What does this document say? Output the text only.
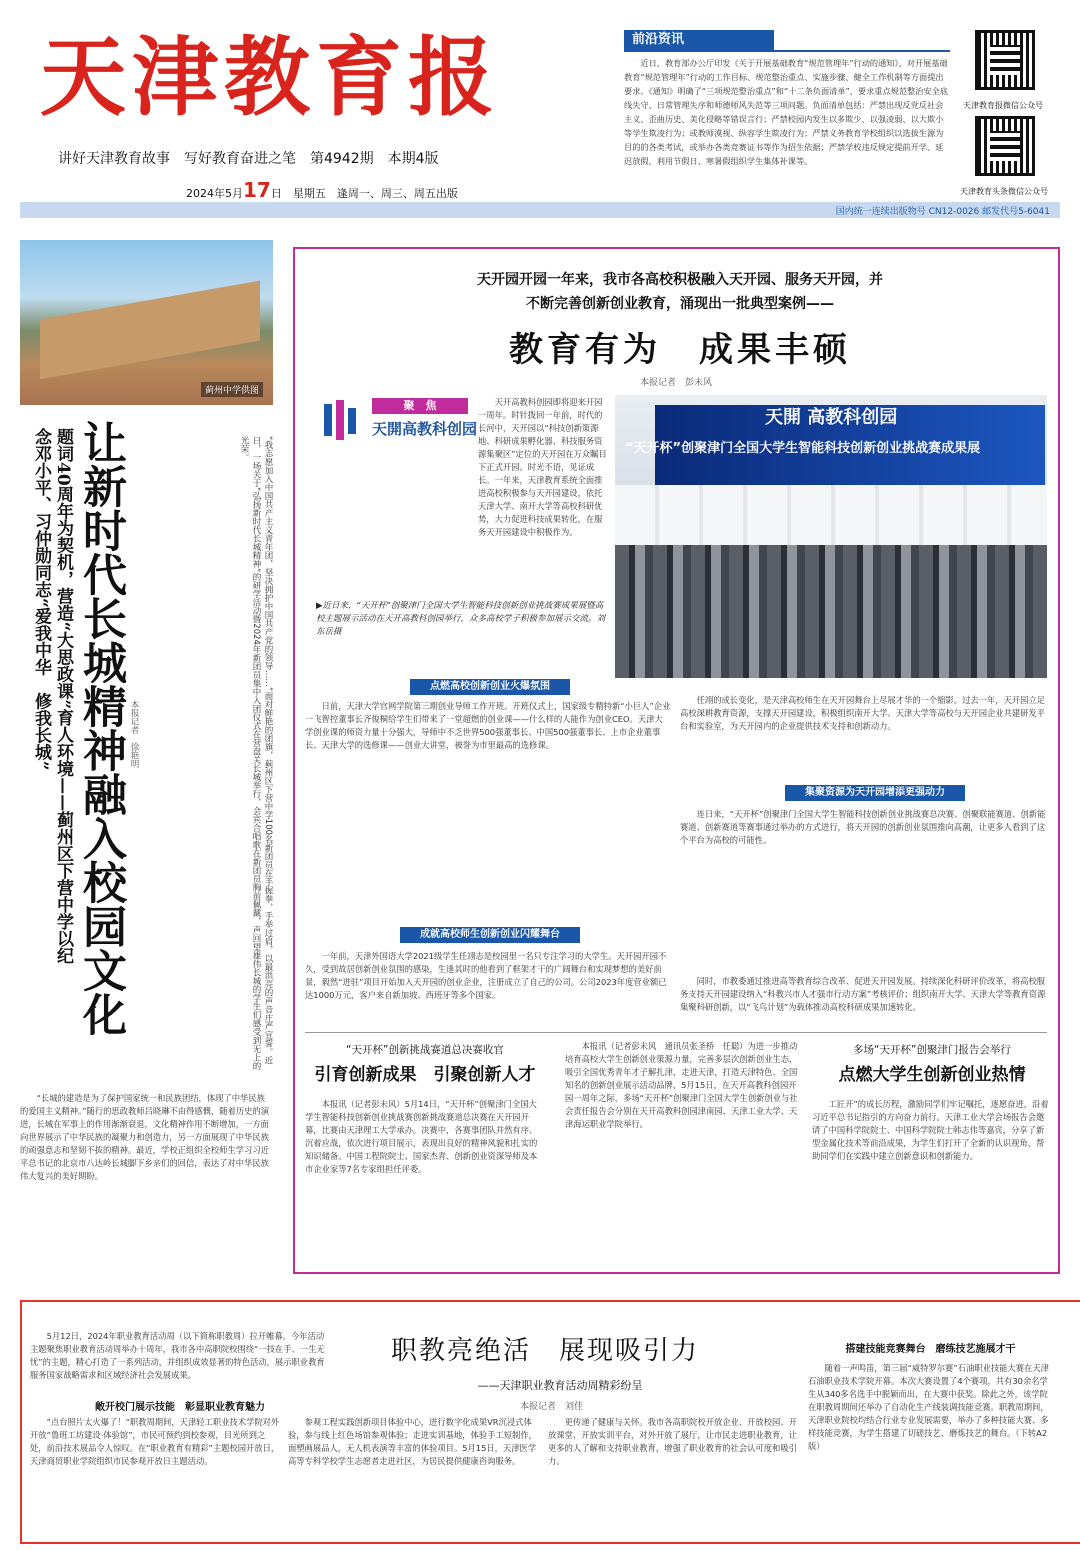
天津教育报
讲好天津教育故事　写好教育奋进之笔　第4942期　本期4版
2024年5月17日　星期五　逢周一、周三、周五出版
前沿资讯
近日，教育部办公厅印发《关于开展基础教育“规范管理年”行动的通知》，对开展基础教育“规范管理年”行动的工作目标、规范整治重点、实施步骤、健全工作机制等方面提出要求。《通知》明确了“三项规范整治重点”和“十二条负面清单”，要求重点规范整治安全底线失守、日常管理失序和师德师风失范等三项问题。负面清单包括：严禁出现反党反社会主义、歪曲历史、美化侵略等错误言行；严禁校园内发生以多欺少、以强凌弱、以大欺小等学生欺凌行为；或教师漠视、纵容学生欺凌行为；严禁义务教育学校组织以选拔生源为目的的各类考试，或举办各类竞赛证书等作为招生依据；严禁学校违反规定提前开学、延迟放假，利用节假日、寒暑假组织学生集体补课等。
天津教育报微信公众号
天津教育头条微信公众号
国内统一连续出版物号 CN12-0026 邮发代号5-6041
蓟州中学供图
让新时代长城精神融入校园文化
题词40周年为契机，营造“大思政课”育人环境——蓟州区下营中学以纪念邓小平、习仲勋同志“爱我中华　修我长城”	本报记者　徐艳明	“我志愿加入中国共产主义青年团，坚决拥护中国共产党的领导……”面对鲜艳的团旗，蓟州区下营中学100名新团员在手握拳，手举过肩，以最洪亮的声音庄严宣誓。近日，一场关于“弘扬新时代长城精神”的研学活动暨2024年新团员集中入团仪式在营盘关长城举行，会宾合唱歌在新团员胸前佩戴，声回望雄伟长城的学生们感受到无上的光荣。
“长城的建造是为了保护国家统一和民族团结，体现了中华民族的爱国主义精神。”随行的思政教师吕晓琳不由得感慨，随着历史的演进，长城在军事上的作用渐渐衰退，文化精神作用不断增加，一方面向世界展示了中华民族的凝聚力和创造力，另一方面展现了中华民族的顽强意志和坚韧不拔的精神。最近，学校正组织全校师生学习习近平总书记的北京市八达岭长城脚下乡亲们的回信，表达了对中华民族伟大复兴的美好期盼。
天开园开园一年来，我市各高校积极融入天开园、服务天开园，并
不断完善创新创业教育，涌现出一批典型案例——
教育有为　成果丰硕
本报记者　彭未风
聚　焦
天開高教科创园
天开高教科创园即将迎来开园一周年。时针拨回一年前，时代的长河中，天开园以“科技创新策源地、科研成果孵化器、科技服务资源集聚区”定位的天开园在万众瞩目下正式开园。时光不语，见证成长。一年来，天津教育系统全面推进高校积极参与天开园建设，依托天津大学、南开大学等高校科研优势，大力促进科技成果转化，在服务天开园建设中积极作为。
天開 高教科创园
“天开杯”创聚津门全国大学生智能科技创新创业挑战赛成果展
▶近日来，“天开杯”创聚津门全国大学生智能科技创新创业挑战赛成果展暨高校主题展示活动在天开高教科创园举行，众多高校学子积极参加展示交流。刘东岳摄
点燃高校创新创业火爆氛围
日前，天津大学官网学院第三期创业导师工作开班。开班仪式上，国家级专精特新“小巨人”企业一飞智控董事长齐俊桐给学生们带来了一堂超燃的创业课——什么样的人能作为创业CEO。天津大学创业课的师资力量十分强大，导师中不乏世界500强董事长、中国500强董事长、上市企业董事长、天津大学的选修课——创业大讲堂，被誉为市里最高的选修课。
成就高校师生创新创业闪耀舞台
一年前，天津外国语大学2021级学生任翊志是校园里一名只专注学习的大学生。天开园开园不久，受到故居创新创业氛围的感染，生逢其时的他看到了框架才干的广阔舞台和实现梦想的美好前景，毅然“进驻”项目开始加入天开园的创业企业，注册成立了自己的公司。公司2023年度营业额已达1000万元，客户来自新加坡、西班牙等多个国家。
任翊的成长变化，是天津高校师生在天开园舞台上尽展才华的一个缩影。过去一年，天开园立足高校深耕教育资源，支撑天开园建设，积极组织南开大学、天津大学等高校与天开园企业共建研发平台和实验室，为天开园内的企业提供技术支持和创新动力。
集聚资源为天开园增添更强动力
连日来，“天开杯”创聚津门全国大学生智能科技创新创业挑战赛总决赛、创聚联能赛道、创新能赛道、创新赛道等赛事通过举办的方式进行，将天开园的创新创业氛围推向高潮，让更多人看到了这个平台为高校的可能性。
同时，市教委通过推进高等教育综合改革、促进天开园发展。持续深化科研评价改革，将高校服务支持天开园建设纳入“科教兴市人才强市行动方案”考核评价；组织南开大学、天津大学等教育资源集聚科研创新，以“飞鸟计划”为载体推动高校科研成果加速转化。
“天开杯”创新挑战赛道总决赛收官
引育创新成果　引聚创新人才
本报讯（记者彭未风）5月14日，“天开杯”创聚津门全国大学生智能科技创新创业挑战赛创新挑战赛道总决赛在天开园开幕，比赛由天津理工大学承办。决赛中，各赛事团队并然有序、沉着应战，依次进行项目展示，表现出良好的精神风貌和扎实的知识储备。中国工程院院士、国家杰青、创新创业资深导师及本市企业家等7名专家组担任评委。
本报讯（记者彭未风　通讯员张圣桥　任聪）为进一步推动培育高校大学生创新创业策源力量，完善多层次创新创业生态，吸引全国优秀青年才子解扎津，走进天津，打造天津特色、全国知名的创新创业展示活动品牌，5月15日，在天开高教科创园开园一周年之际，多场“天开杯”创聚津门全国大学生创新创业与社会责任报告会分别在天开高教科创园津南园、天津工业大学、天津海运职业学院举行。
多场“天开杯”创聚津门报告会举行
点燃大学生创新创业热情
工匠开”的成长历程，激励同学们牢记嘱托，逐愿奋进，沿着习近平总书记指引的方向奋力前行。天津工业大学会场报告会邀请了中国科学院院士、中国科学院院士韩志伟等嘉宾，分享了新型金属化技术等前沿成果，为学生们打开了全新的认识视角，帮助同学们在实践中建立创新意识和创新能力。
5月12日，2024年职业教育活动周（以下简称职教周）拉开帷幕。今年活动主题聚焦职业教育活动周举办十周年，我市各中高职院校围绕“一技在手、一生无忧”的主题，精心打造了一系列活动，并组织成效显著的特色活动，展示职业教育服务国家战略需求和区域经济社会发展成果。
职教亮绝活　展现吸引力
——天津职业教育活动周精彩纷呈
本报记者　刘佳
敞开校门展示技能　彰显职业教育魅力
“点台照片太火爆了！”职教周期间，天津轻工职业技术学院对外开放“鲁班工坊建设·体验馆”，市民可预约到校参观，目光所到之处，前沿技术展品令人惊叹。在“职业教育有精彩”主题校园开放日，天津商贸职业学院组织市民参观开放日主题活动。
参观工程实践创新项目体验中心，进行数字化成果VR沉浸式体验，参与线上红色场馆参观体验；走进实训基地，体验手工短制作，面塑画展品人，无人机表演等丰富的体验项目。5月15日，天津医学高等专科学校学生志愿者走进社区，为居民提供健康咨询服务。
更传递了健康与关怀。我市各高职院校开放企业、开放校园、开放课堂、开放实训平台，对外开放了展厅，让市民走进职业教育，让更多的人了解和支持职业教育，增强了职业教育的社会认可度和吸引力。
搭建技能竞赛舞台　磨练技艺施展才干
随着一声鸣笛，第三届“威特罗尔赛”石油职业技能大赛在天津石油职业技术学院开幕。本次大赛设置了4个赛项，共有30余名学生从340多名选手中脱颖而出，在大赛中获奖。除此之外，该学院在职教周期间还举办了自动化生产线装调技能竞赛。职教周期间，天津职业院校均结合行业专业发展需要，举办了多种技能大赛、多样技能竞赛，为学生搭建了切磋技艺、磨炼技艺的舞台。（下转A2版）
